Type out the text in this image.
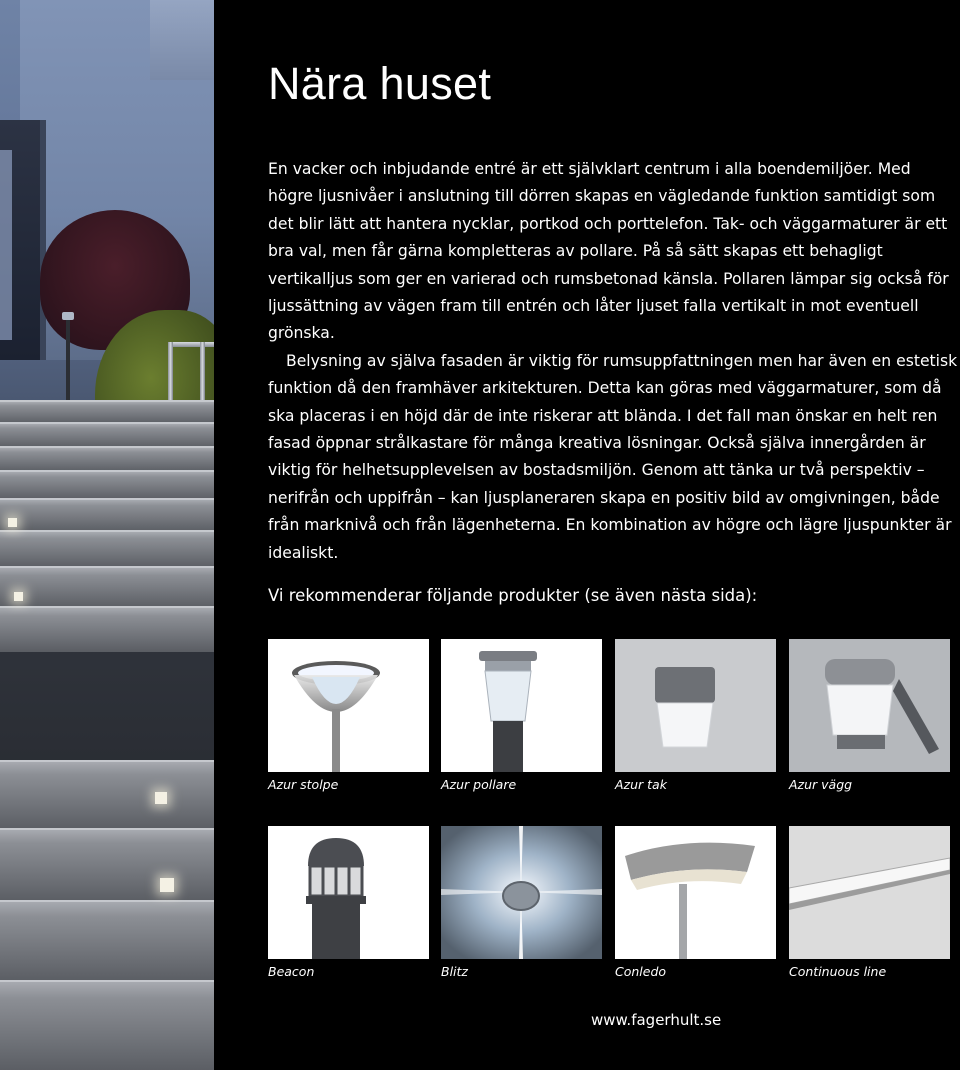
Nära huset

En vacker och inbjudande entré är ett självklart centrum i alla boendemiljöer. Med högre ljusnivåer i anslutning till dörren skapas en vägledande funktion samtidigt som det blir lätt att hantera nycklar, portkod och porttelefon. Tak- och väggarmaturer är ett bra val, men får gärna kompletteras av pollare. På så sätt skapas ett behagligt vertikalljus som ger en varierad och rumsbetonad känsla. Pollaren lämpar sig också för ljussättning av vägen fram till entrén och låter ljuset falla vertikalt in mot eventuell grönska.

Belysning av själva fasaden är viktig för rumsuppfattningen men har även en estetisk funktion då den framhäver arkitekturen. Detta kan göras med väggarmaturer, som då ska placeras i en höjd där de inte riskerar att blända. I det fall man önskar en helt ren fasad öppnar strålkastare för många kreativa lösningar. Också själva innergården är viktig för helhetsupplevelsen av bostadsmiljön. Genom att tänka ur två perspektiv – nerifrån och uppifrån – kan ljusplaneraren skapa en positiv bild av omgivningen, både från marknivå och från lägenheterna. En kombination av högre och lägre ljuspunkter är idealiskt.

Vi rekommenderar följande produkter (se även nästa sida):

Azur stolpe	Azur pollare	Azur tak	Azur vägg
Beacon	Blitz	Conledo	Continuous line
www.fagerhult.se
